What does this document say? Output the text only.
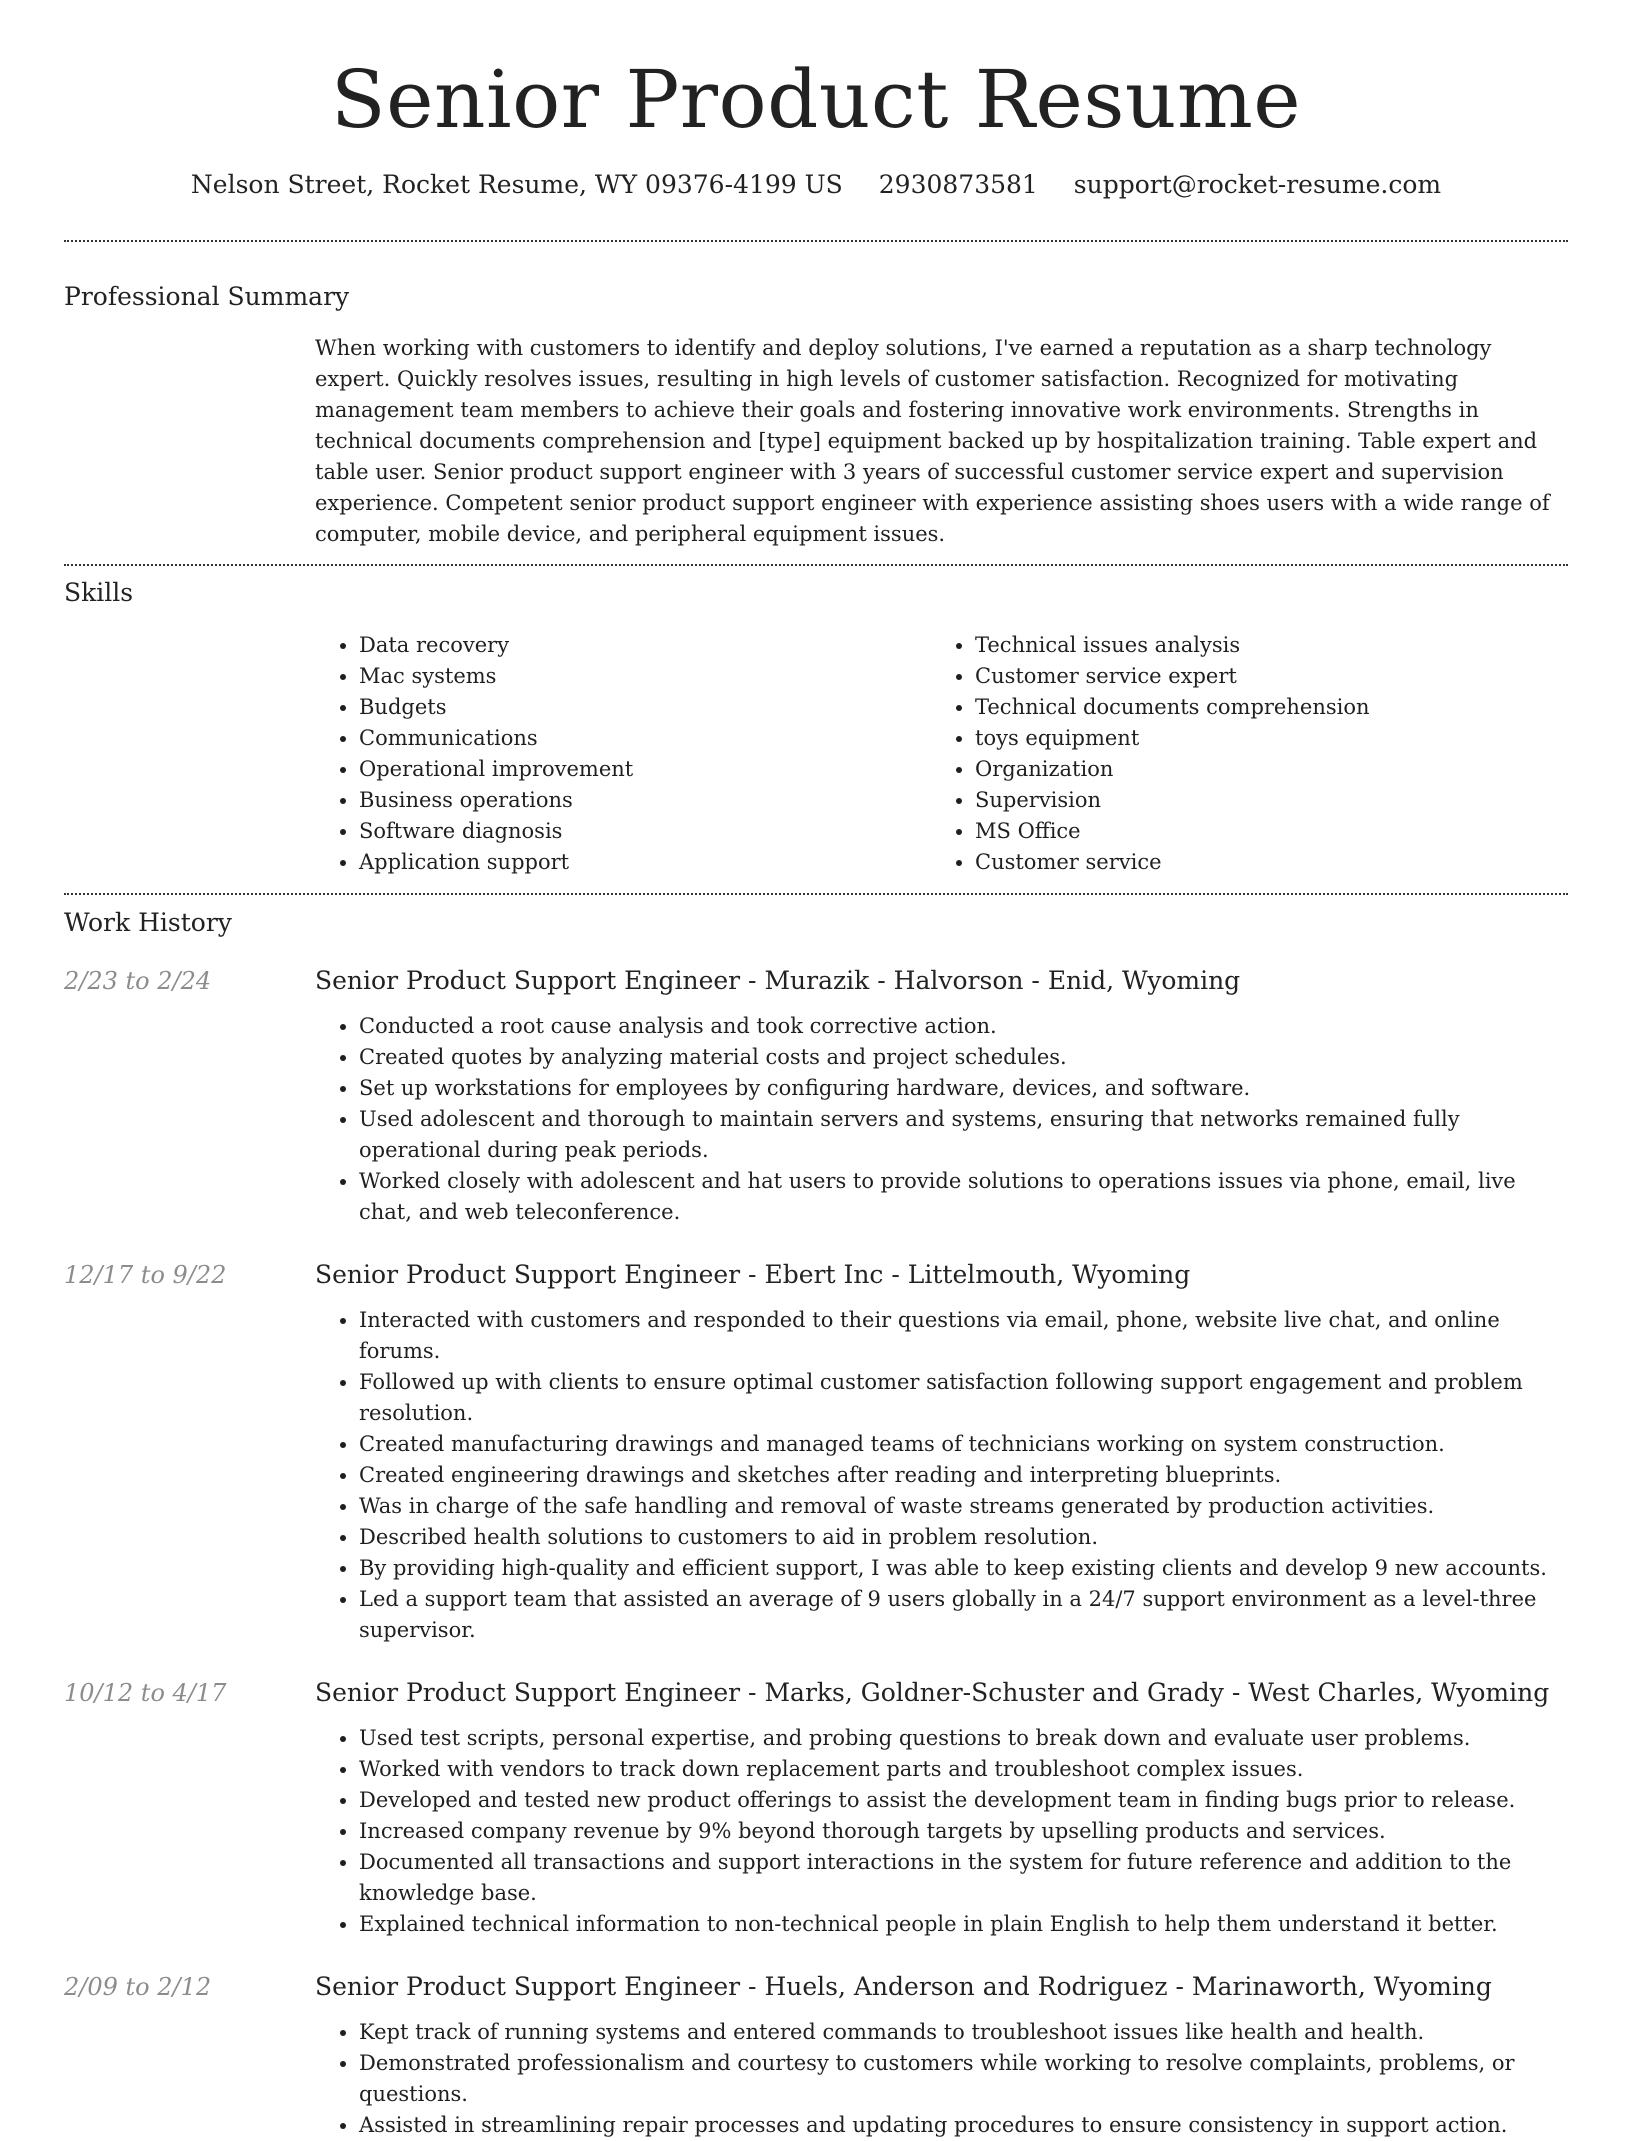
Senior Product Resume
Nelson Street, Rocket Resume, WY 09376-4199 US 2930873581 support@rocket-resume.com
Professional Summary

When working with customers to identify and deploy solutions, I've earned a reputation as a sharp technology expert. Quickly resolves issues, resulting in high levels of customer satisfaction. Recognized for motivating management team members to achieve their goals and fostering innovative work environments. Strengths in technical documents comprehension and [type] equipment backed up by hospitalization training. Table expert and table user. Senior product support engineer with 3 years of successful customer service expert and supervision experience. Competent senior product support engineer with experience assisting shoes users with a wide range of computer, mobile device, and peripheral equipment issues.

Skills
• Data recovery
• Mac systems
• Budgets
• Communications
• Operational improvement
• Business operations
• Software diagnosis
• Application support
• Technical issues analysis
• Customer service expert
• Technical documents comprehension
• toys equipment
• Organization
• Supervision
• MS Office
• Customer service
Work History
2/23 to 2/24	Senior Product Support Engineer - Murazik - Halvorson - Enid, Wyoming
• Conducted a root cause analysis and took corrective action.
• Created quotes by analyzing material costs and project schedules.
• Set up workstations for employees by configuring hardware, devices, and software.
• Used adolescent and thorough to maintain servers and systems, ensuring that networks remained fully operational during peak periods.
• Worked closely with adolescent and hat users to provide solutions to operations issues via phone, email, live chat, and web teleconference.
12/17 to 9/22	Senior Product Support Engineer - Ebert Inc - Littelmouth, Wyoming
• Interacted with customers and responded to their questions via email, phone, website live chat, and online forums.
• Followed up with clients to ensure optimal customer satisfaction following support engagement and problem resolution.
• Created manufacturing drawings and managed teams of technicians working on system construction.
• Created engineering drawings and sketches after reading and interpreting blueprints.
• Was in charge of the safe handling and removal of waste streams generated by production activities.
• Described health solutions to customers to aid in problem resolution.
• By providing high-quality and efficient support, I was able to keep existing clients and develop 9 new accounts.
• Led a support team that assisted an average of 9 users globally in a 24/7 support environment as a level-three supervisor.
10/12 to 4/17	Senior Product Support Engineer - Marks, Goldner-Schuster and Grady - West Charles, Wyoming
• Used test scripts, personal expertise, and probing questions to break down and evaluate user problems.
• Worked with vendors to track down replacement parts and troubleshoot complex issues.
• Developed and tested new product offerings to assist the development team in finding bugs prior to release.
• Increased company revenue by 9% beyond thorough targets by upselling products and services.
• Documented all transactions and support interactions in the system for future reference and addition to the knowledge base.
• Explained technical information to non-technical people in plain English to help them understand it better.
2/09 to 2/12	Senior Product Support Engineer - Huels, Anderson and Rodriguez - Marinaworth, Wyoming
• Kept track of running systems and entered commands to troubleshoot issues like health and health.
• Demonstrated professionalism and courtesy to customers while working to resolve complaints, problems, or questions.
• Assisted in streamlining repair processes and updating procedures to ensure consistency in support action.
